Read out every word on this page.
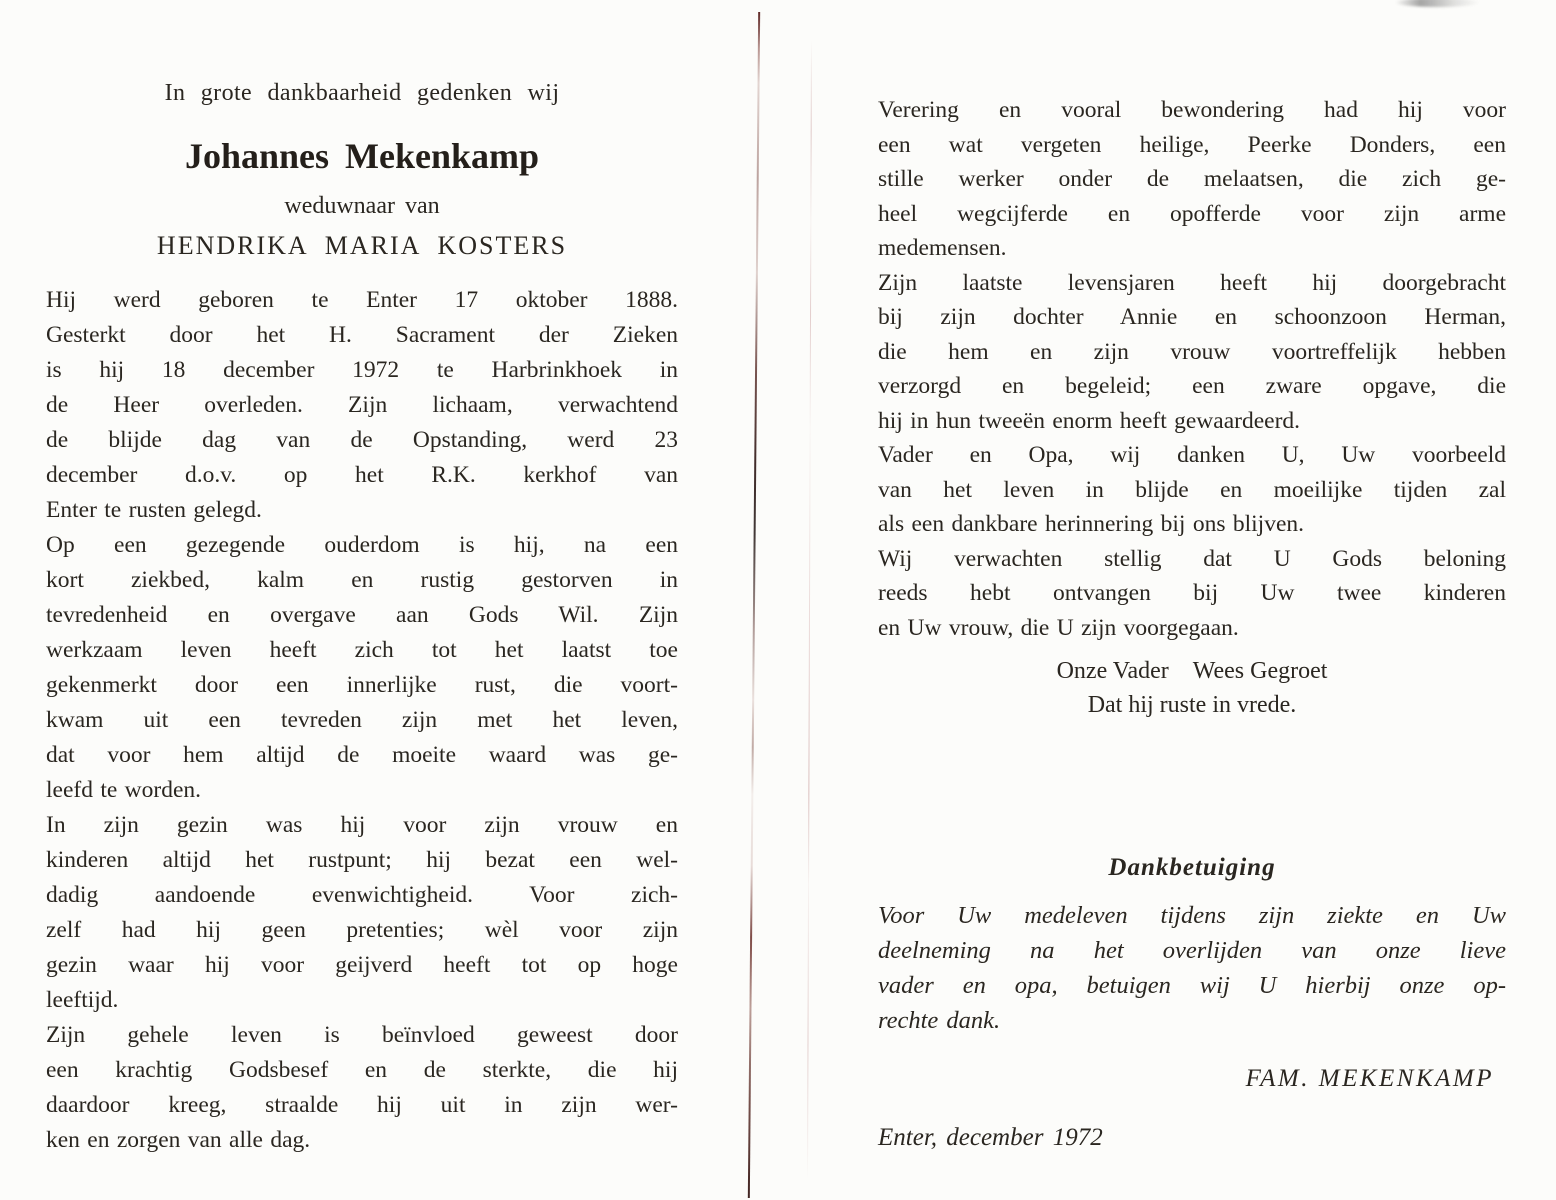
In grote dankbaarheid gedenken wij
Johannes Mekenkamp
weduwnaar van
HENDRIKA MARIA KOSTERS
Hij werd geboren te Enter 17 oktober 1888.
Gesterkt door het H. Sacrament der Zieken
is hij 18 december 1972 te Harbrinkhoek in
de Heer overleden. Zijn lichaam, verwachtend
de blijde dag van de Opstanding, werd 23
december d.o.v. op het R.K. kerkhof van
Enter te rusten gelegd.
Op een gezegende ouderdom is hij, na een
kort ziekbed, kalm en rustig gestorven in
tevredenheid en overgave aan Gods Wil. Zijn
werkzaam leven heeft zich tot het laatst toe
gekenmerkt door een innerlijke rust, die voort-
kwam uit een tevreden zijn met het leven,
dat voor hem altijd de moeite waard was ge-
leefd te worden.
In zijn gezin was hij voor zijn vrouw en
kinderen altijd het rustpunt; hij bezat een wel-
dadig aandoende evenwichtigheid. Voor zich-
zelf had hij geen pretenties; wèl voor zijn
gezin waar hij voor geijverd heeft tot op hoge
leeftijd.
Zijn gehele leven is beïnvloed geweest door
een krachtig Godsbesef en de sterkte, die hij
daardoor kreeg, straalde hij uit in zijn wer-
ken en zorgen van alle dag.
Verering en vooral bewondering had hij voor
een wat vergeten heilige, Peerke Donders, een
stille werker onder de melaatsen, die zich ge-
heel wegcijferde en opofferde voor zijn arme
medemensen.
Zijn laatste levensjaren heeft hij doorgebracht
bij zijn dochter Annie en schoonzoon Herman,
die hem en zijn vrouw voortreffelijk hebben
verzorgd en begeleid; een zware opgave, die
hij in hun tweeën enorm heeft gewaardeerd.
Vader en Opa, wij danken U, Uw voorbeeld
van het leven in blijde en moeilijke tijden zal
als een dankbare herinnering bij ons blijven.
Wij verwachten stellig dat U Gods beloning
reeds hebt ontvangen bij Uw twee kinderen
en Uw vrouw, die U zijn voorgegaan.
Onze Vader  Wees Gegroet
Dat hij ruste in vrede.
Dankbetuiging
Voor Uw medeleven tijdens zijn ziekte en Uw
deelneming na het overlijden van onze lieve
vader en opa, betuigen wij U hierbij onze op-
rechte dank.
FAM. MEKENKAMP
Enter, december 1972
